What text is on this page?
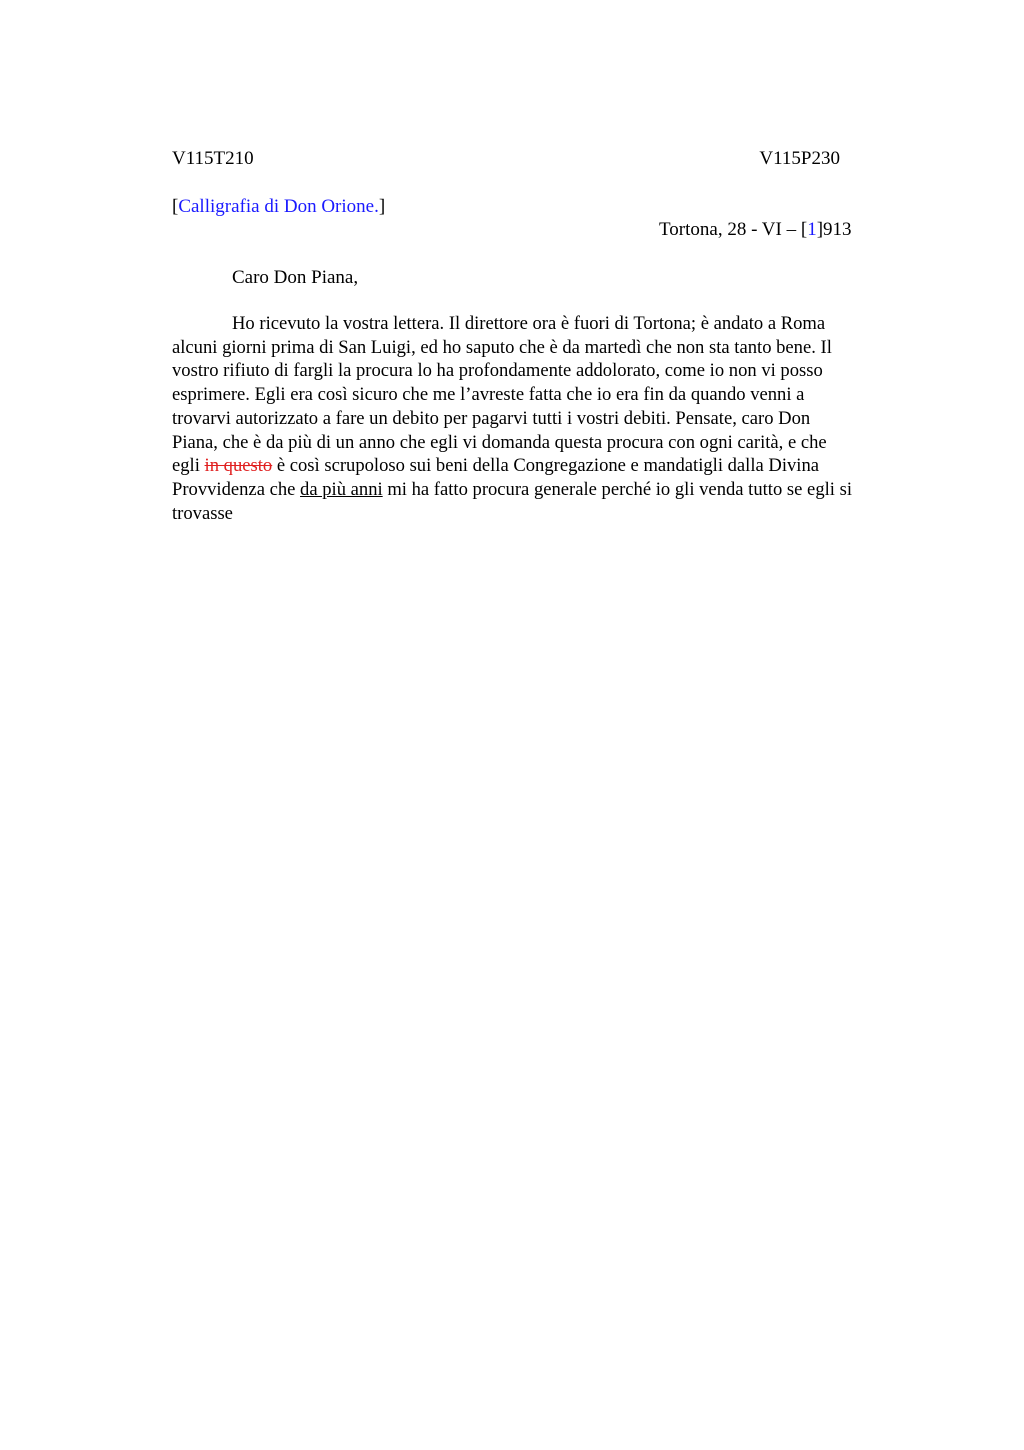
V115T210	V115P230
[Calligrafia di Don Orione.]
Tortona, 28 - VI – [1]913
Caro Don Piana,
Ho ricevuto la vostra lettera. Il direttore ora è fuori di Tortona; è andato a Roma
alcuni giorni prima di San Luigi, ed ho saputo che è da martedì che non sta tanto bene. Il
vostro rifiuto di fargli la procura lo ha profondamente addolorato, come io non vi posso
esprimere. Egli era così sicuro che me l’avreste fatta che io era fin da quando venni a
trovarvi autorizzato a fare un debito per pagarvi tutti i vostri debiti. Pensate, caro Don
Piana, che è da più di un anno che egli vi domanda questa procura con ogni carità, e che
egli in questo è così scrupoloso sui beni della Congregazione e mandatigli dalla Divina
Provvidenza che da più anni mi ha fatto procura generale perché io gli venda tutto se egli si
trovasse
